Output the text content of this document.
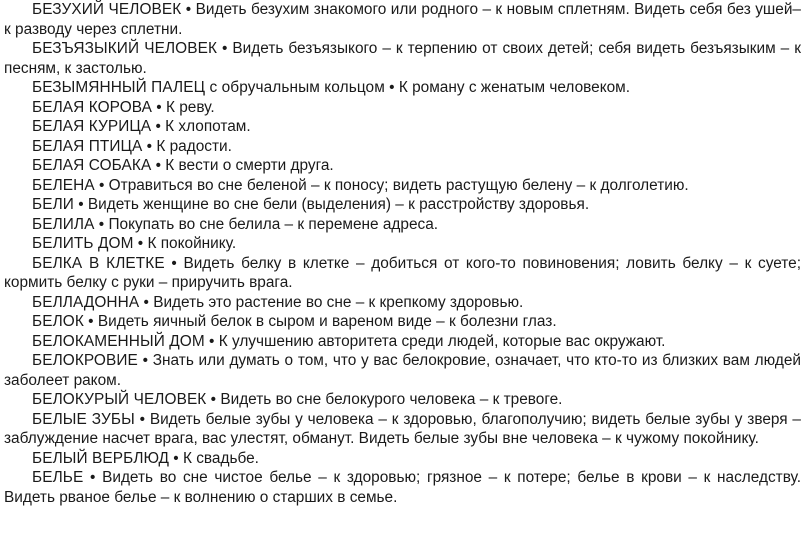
БЕЗУХИЙ ЧЕЛОВЕК • Видеть безухим знакомого или родного – к новым сплетням. Видеть себя без ушей– к разводу через сплетни.

БЕЗЪЯЗЫКИЙ ЧЕЛОВЕК • Видеть безъязыкого – к терпению от своих детей; себя видеть безъязыким – к песням, к застолью.

БЕЗЫМЯННЫЙ ПАЛЕЦ с обручальным кольцом • К роману с женатым человеком.

БЕЛАЯ КОРОВА • К реву.

БЕЛАЯ КУРИЦА • К хлопотам.

БЕЛАЯ ПТИЦА • К радости.

БЕЛАЯ СОБАКА • К вести о смерти друга.

БЕЛЕНА • Отравиться во сне беленой – к поносу; видеть растущую белену – к долголетию.

БЕЛИ • Видеть женщине во сне бели (выделения) – к расстройству здоровья.

БЕЛИЛА • Покупать во сне белила – к перемене адреса.

БЕЛИТЬ ДОМ • К покойнику.

БЕЛКА В КЛЕТКЕ • Видеть белку в клетке – добиться от кого-то повиновения; ловить белку – к суете; кормить белку с руки – приручить врага.

БЕЛЛАДОННА • Видеть это растение во сне – к крепкому здоровью.

БЕЛОК • Видеть яичный белок в сыром и вареном виде – к болезни глаз.

БЕЛОКАМЕННЫЙ ДОМ • К улучшению авторитета среди людей, которые вас окружают.

БЕЛОКРОВИЕ • Знать или думать о том, что у вас белокровие, означает, что кто-то из близких вам людей заболеет раком.

БЕЛОКУРЫЙ ЧЕЛОВЕК • Видеть во сне белокурого человека – к тревоге.

БЕЛЫЕ ЗУБЫ • Видеть белые зубы у человека – к здоровью, благополучию; видеть белые зубы у зверя – заблуждение насчет врага, вас улестят, обманут. Видеть белые зубы вне человека – к чужому покойнику.

БЕЛЫЙ ВЕРБЛЮД • К свадьбе.

БЕЛЬЕ • Видеть во сне чистое белье – к здоровью; грязное – к потере; белье в крови – к наследству. Видеть рваное белье – к волнению о старших в семье.
